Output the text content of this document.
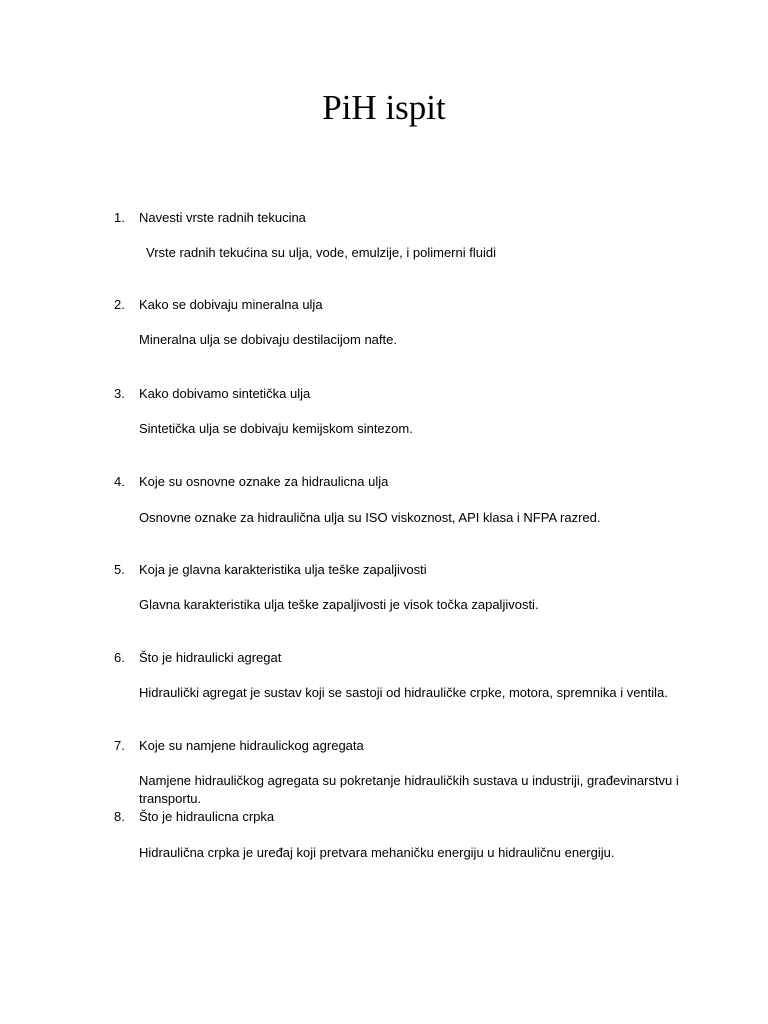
PiH ispit
1. Navesti vrste radnih tekucina
Vrste radnih tekućina su ulja, vode, emulzije, i polimerni fluidi
2. Kako se dobivaju mineralna ulja
Mineralna ulja se dobivaju destilacijom nafte.
3. Kako dobivamo sintetička ulja
Sintetička ulja se dobivaju kemijskom sintezom.
4. Koje su osnovne oznake za hidraulicna ulja
Osnovne oznake za hidraulična ulja su ISO viskoznost, API klasa i NFPA razred.
5. Koja je glavna karakteristika ulja teške zapaljivosti
Glavna karakteristika ulja teške zapaljivosti je visok točka zapaljivosti.
6. Što je hidraulicki agregat
Hidraulički agregat je sustav koji se sastoji od hidrauličke crpke, motora, spremnika i ventila.
7. Koje su namjene hidraulickog agregata
Namjene hidrauličkog agregata su pokretanje hidrauličkih sustava u industriji, građevinarstvu i transportu.
8. Što je hidraulicna crpka
Hidraulična crpka je uređaj koji pretvara mehaničku energiju u hidrauličnu energiju.
